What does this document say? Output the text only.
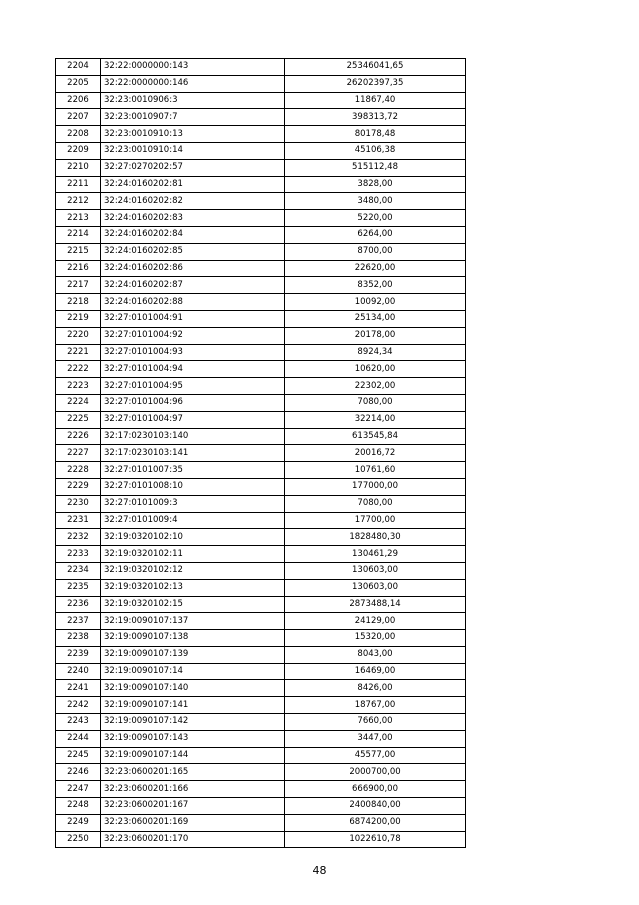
2204	32:22:0000000:143	25346041,65
2205	32:22:0000000:146	26202397,35
2206	32:23:0010906:3	11867,40
2207	32:23:0010907:7	398313,72
2208	32:23:0010910:13	80178,48
2209	32:23:0010910:14	45106,38
2210	32:27:0270202:57	515112,48
2211	32:24:0160202:81	3828,00
2212	32:24:0160202:82	3480,00
2213	32:24:0160202:83	5220,00
2214	32:24:0160202:84	6264,00
2215	32:24:0160202:85	8700,00
2216	32:24:0160202:86	22620,00
2217	32:24:0160202:87	8352,00
2218	32:24:0160202:88	10092,00
2219	32:27:0101004:91	25134,00
2220	32:27:0101004:92	20178,00
2221	32:27:0101004:93	8924,34
2222	32:27:0101004:94	10620,00
2223	32:27:0101004:95	22302,00
2224	32:27:0101004:96	7080,00
2225	32:27:0101004:97	32214,00
2226	32:17:0230103:140	613545,84
2227	32:17:0230103:141	20016,72
2228	32:27:0101007:35	10761,60
2229	32:27:0101008:10	177000,00
2230	32:27:0101009:3	7080,00
2231	32:27:0101009:4	17700,00
2232	32:19:0320102:10	1828480,30
2233	32:19:0320102:11	130461,29
2234	32:19:0320102:12	130603,00
2235	32:19:0320102:13	130603,00
2236	32:19:0320102:15	2873488,14
2237	32:19:0090107:137	24129,00
2238	32:19:0090107:138	15320,00
2239	32:19:0090107:139	8043,00
2240	32:19:0090107:14	16469,00
2241	32:19:0090107:140	8426,00
2242	32:19:0090107:141	18767,00
2243	32:19:0090107:142	7660,00
2244	32:19:0090107:143	3447,00
2245	32:19:0090107:144	45577,00
2246	32:23:0600201:165	2000700,00
2247	32:23:0600201:166	666900,00
2248	32:23:0600201:167	2400840,00
2249	32:23:0600201:169	6874200,00
2250	32:23:0600201:170	1022610,78
48
